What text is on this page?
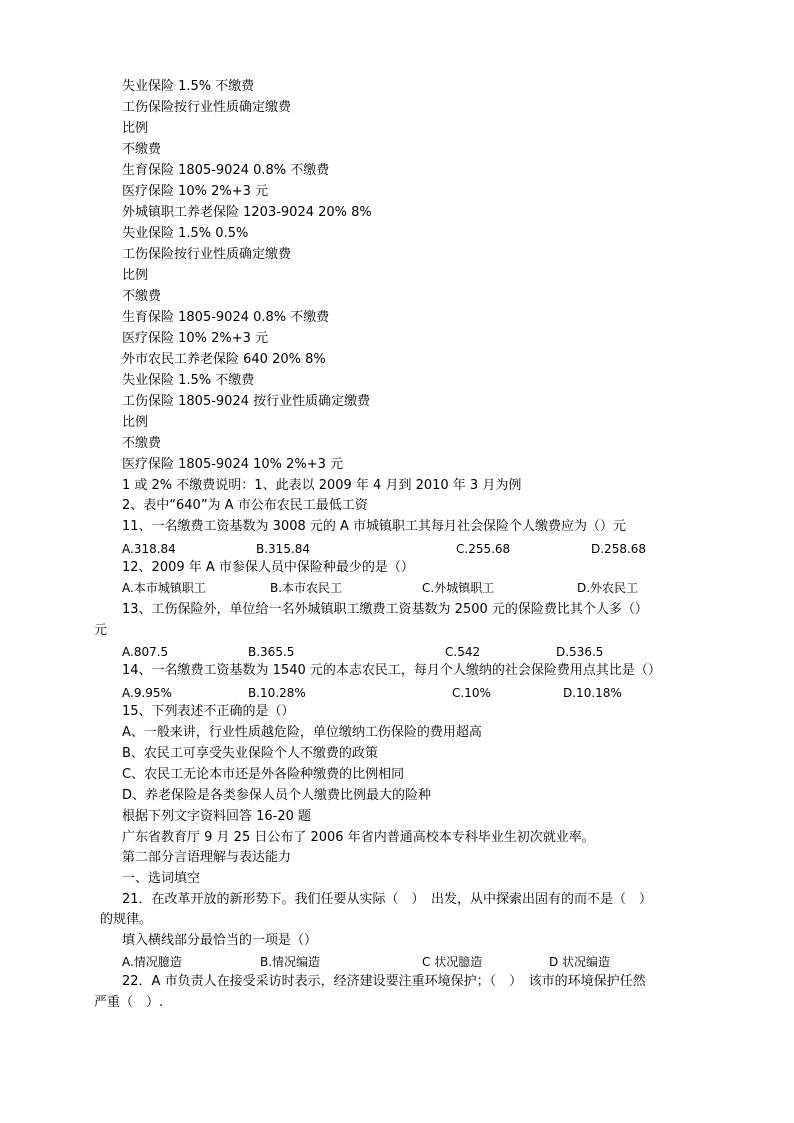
失业保险 1.5% 不缴费
工伤保险按行业性质确定缴费
比例
不缴费
生育保险 1805-9024 0.8% 不缴费
医疗保险 10% 2%+3 元
外城镇职工养老保险 1203-9024 20% 8%
失业保险 1.5% 0.5%
工伤保险按行业性质确定缴费
比例
不缴费
生育保险 1805-9024 0.8% 不缴费
医疗保险 10% 2%+3 元
外市农民工养老保险 640 20% 8%
失业保险 1.5% 不缴费
工伤保险 1805-9024 按行业性质确定缴费
比例
不缴费
医疗保险 1805-9024 10% 2%+3 元
1 或 2% 不缴费说明：1、此表以 2009 年 4 月到 2010 年 3 月为例
2、表中“640”为 A 市公布农民工最低工资
11、一名缴费工资基数为 3008 元的 A 市城镇职工其每月社会保险个人缴费应为（）元
A.318.84	B.315.84	C.255.68	D.258.68
12、2009 年 A 市参保人员中保险种最少的是（）
A.本市城镇职工	B.本市农民工	C.外城镇职工	D.外农民工
13、工伤保险外，单位给一名外城镇职工缴费工资基数为 2500 元的保险费比其个人多（）
元
A.807.5	B.365.5	C.542	D.536.5
14、一名缴费工资基数为 1540 元的本志农民工，每月个人缴纳的社会保险费用点其比是（）
A.9.95%	B.10.28%	C.10%	D.10.18%
15、下列表述不正确的是（）
A、一般来讲，行业性质越危险，单位缴纳工伤保险的费用超高
B、农民工可享受失业保险个人不缴费的政策
C、农民工无论本市还是外各险种缴费的比例相同
D、养老保险是各类参保人员个人缴费比例最大的险种
根据下列文字资料回答 16-20 题
广东省教育厅 9 月 25 日公布了 2006 年省内普通高校本专科毕业生初次就业率。
第二部分言语理解与表达能力
一、选词填空
21．在改革开放的新形势下。我们任要从实际（　）　出发，从中探索出固有的而不是（　）
的规律。
填入横线部分最恰当的一项是（）
A.情况臆造	B.情况编造	C 状况臆造	D 状况编造
22．A 市负责人在接受采访时表示，经济建设要注重环境保护；（　）　该市的环境保护任然
严重（　）.
